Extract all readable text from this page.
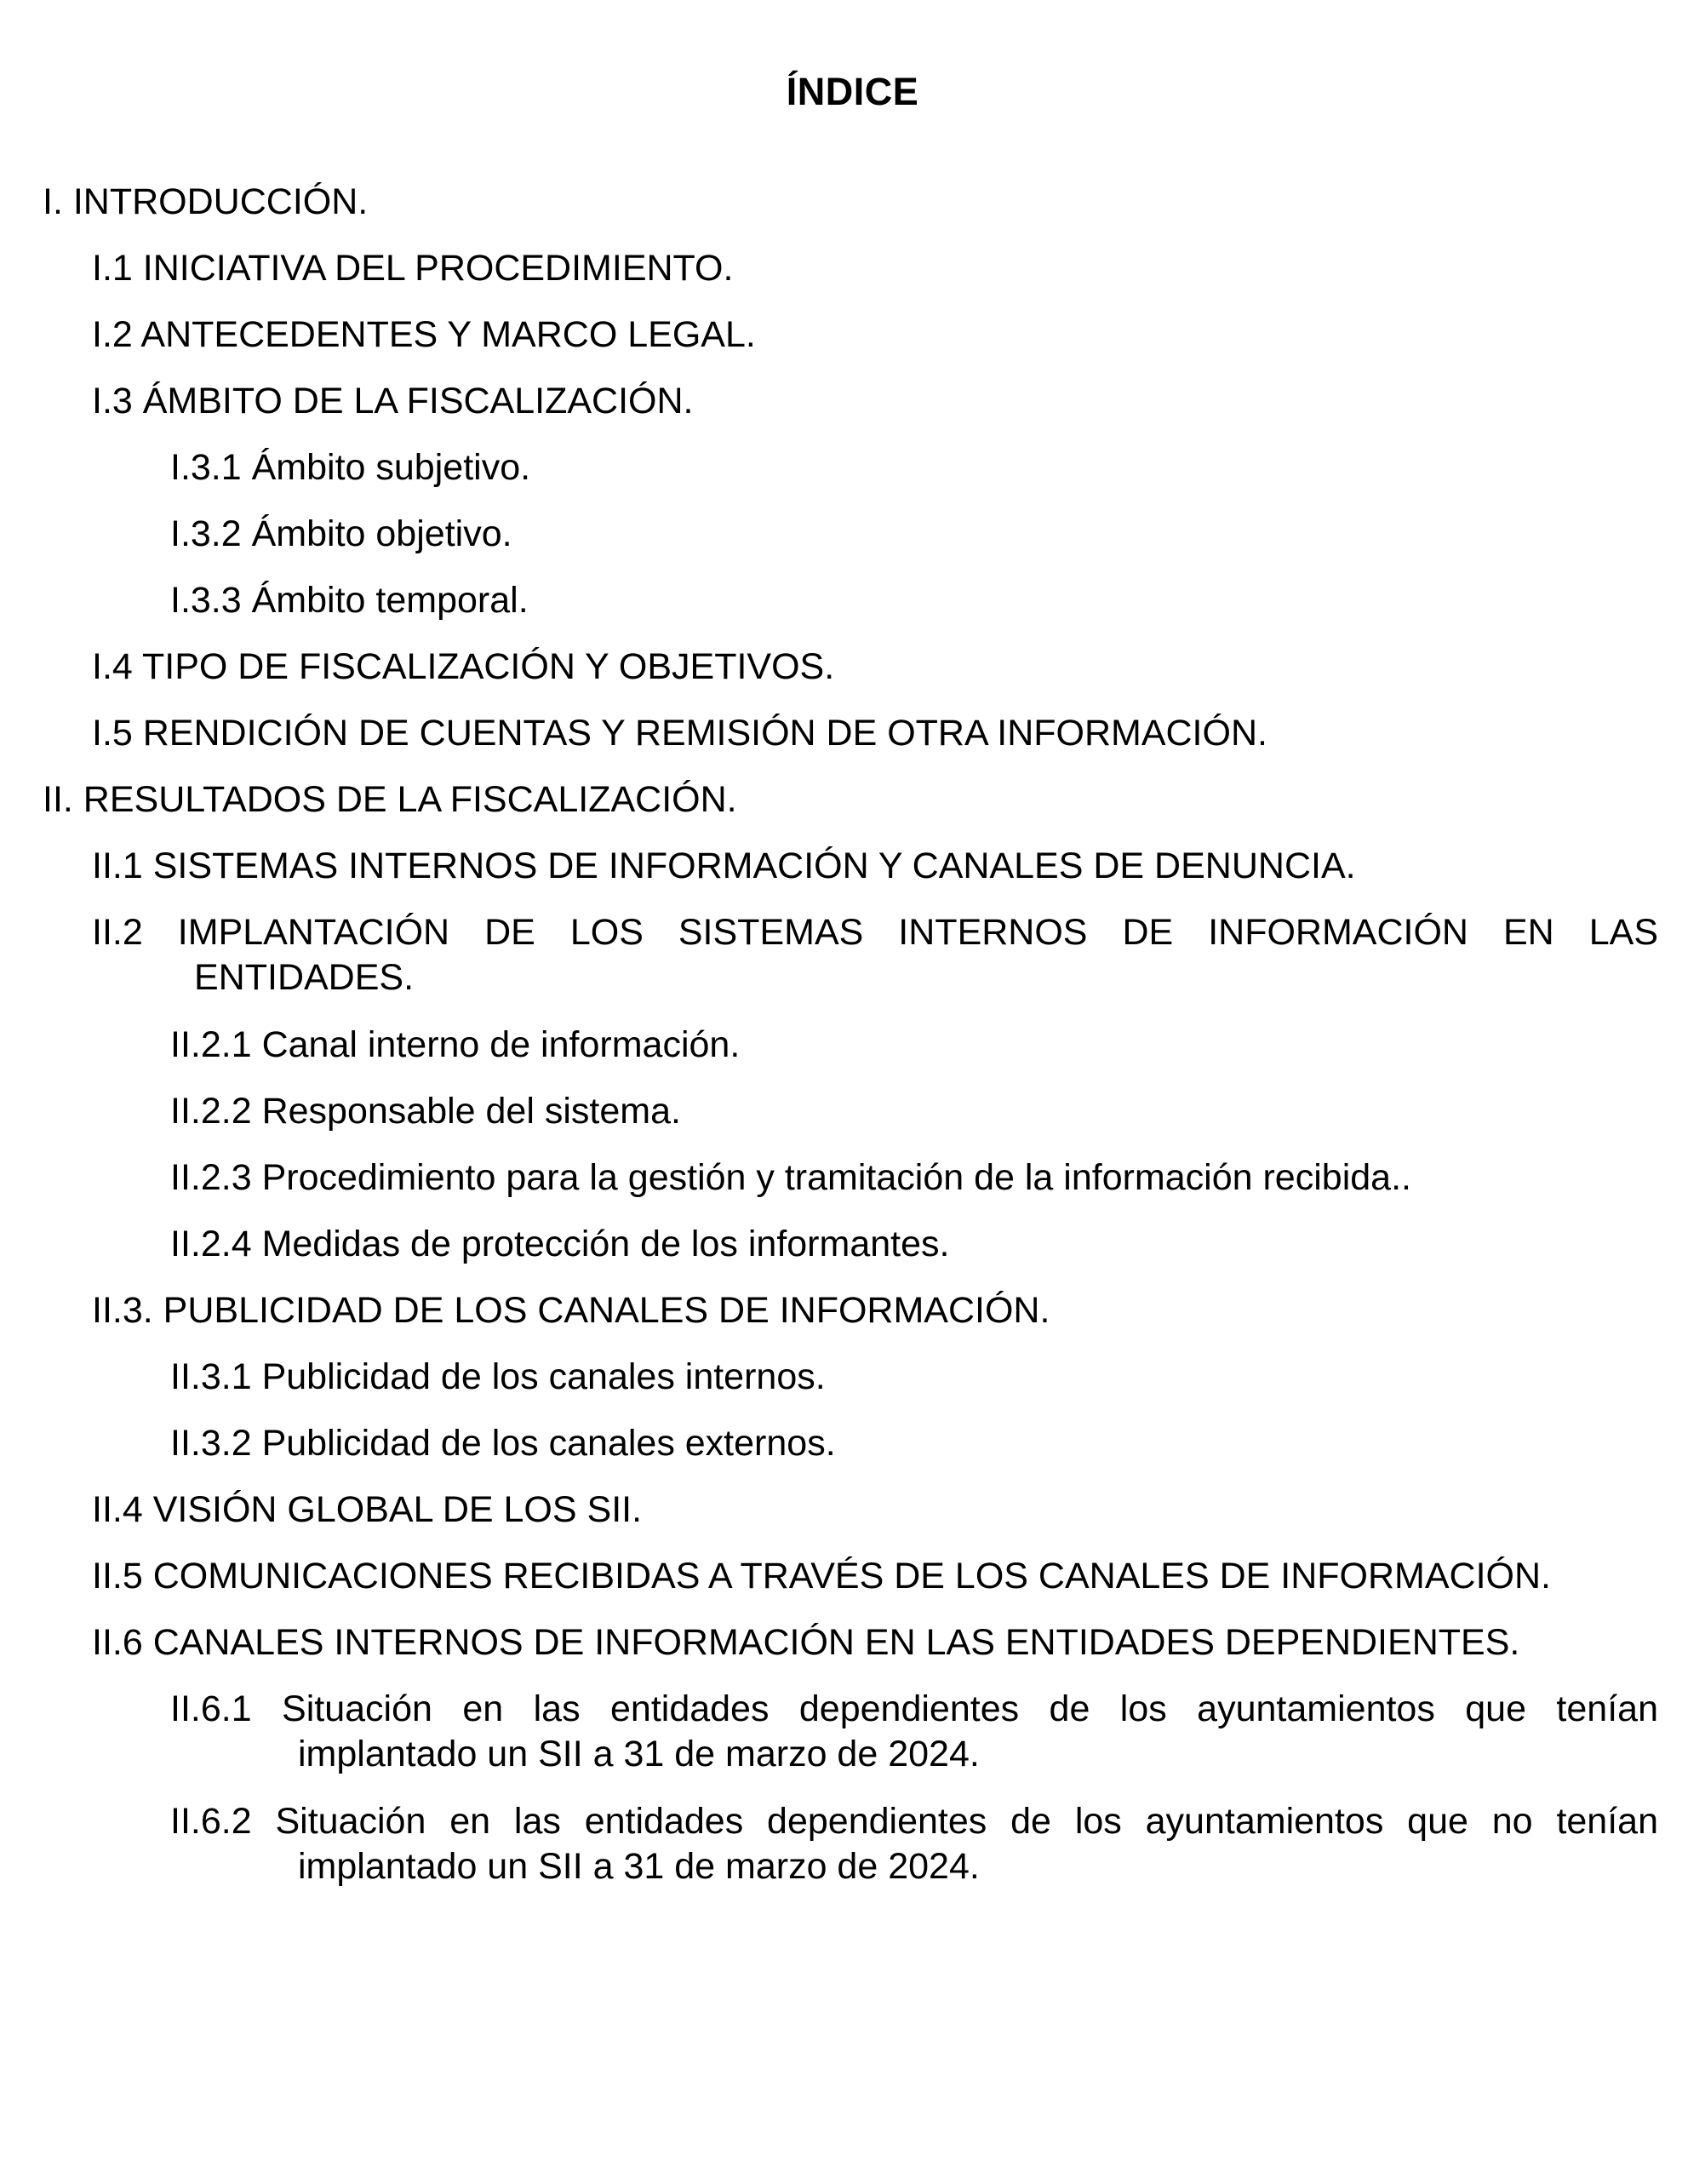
ÍNDICE
I. INTRODUCCIÓN.
I.1 INICIATIVA DEL PROCEDIMIENTO.
I.2 ANTECEDENTES Y MARCO LEGAL.
I.3 ÁMBITO DE LA FISCALIZACIÓN.
I.3.1 Ámbito subjetivo.
I.3.2 Ámbito objetivo.
I.3.3 Ámbito temporal.
I.4 TIPO DE FISCALIZACIÓN Y OBJETIVOS.
I.5 RENDICIÓN DE CUENTAS Y REMISIÓN DE OTRA INFORMACIÓN.
II. RESULTADOS DE LA FISCALIZACIÓN.
II.1 SISTEMAS INTERNOS DE INFORMACIÓN Y CANALES DE DENUNCIA.
II.2 IMPLANTACIÓN DE LOS SISTEMAS INTERNOS DE INFORMACIÓN EN LAS
ENTIDADES.
II.2.1 Canal interno de información.
II.2.2 Responsable del sistema.
II.2.3 Procedimiento para la gestión y tramitación de la información recibida..
II.2.4 Medidas de protección de los informantes.
II.3. PUBLICIDAD DE LOS CANALES DE INFORMACIÓN.
II.3.1 Publicidad de los canales internos.
II.3.2 Publicidad de los canales externos.
II.4 VISIÓN GLOBAL DE LOS SII.
II.5 COMUNICACIONES RECIBIDAS A TRAVÉS DE LOS CANALES DE INFORMACIÓN.
II.6 CANALES INTERNOS DE INFORMACIÓN EN LAS ENTIDADES DEPENDIENTES.
II.6.1 Situación en las entidades dependientes de los ayuntamientos que tenían
implantado un SII a 31 de marzo de 2024.
II.6.2 Situación en las entidades dependientes de los ayuntamientos que no tenían
implantado un SII a 31 de marzo de 2024.
